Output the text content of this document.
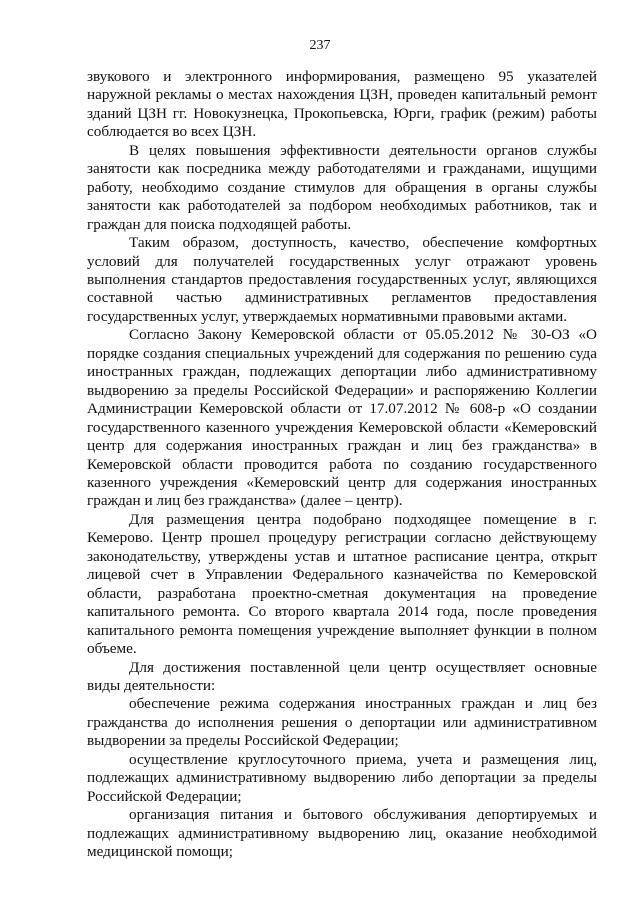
237

звукового и электронного информирования, размещено 95 указателей наружной рекламы о местах нахождения ЦЗН, проведен капитальный ремонт зданий ЦЗН гг. Новокузнецка, Прокопьевска, Юрги, график (режим) работы соблюдается во всех ЦЗН.

В целях повышения эффективности деятельности органов службы занятости как посредника между работодателями и гражданами, ищущими работу, необходимо создание стимулов для обращения в органы службы занятости как работодателей за подбором необходимых работников, так и граждан для поиска подходящей работы.

Таким образом, доступность, качество, обеспечение комфортных условий для получателей государственных услуг отражают уровень выполнения стандартов предоставления государственных услуг, являющихся составной частью административных регламентов предоставления государственных услуг, утверждаемых нормативными правовыми актами.

Согласно Закону Кемеровской области от 05.05.2012 № 30-ОЗ «О порядке создания специальных учреждений для содержания по решению суда иностранных граждан, подлежащих депортации либо административному выдворению за пределы Российской Федерации» и распоряжению Коллегии Администрации Кемеровской области от 17.07.2012 № 608-р «О создании государственного казенного учреждения Кемеровской области «Кемеровский центр для содержания иностранных граждан и лиц без гражданства» в Кемеровской области проводится работа по созданию государственного казенного учреждения «Кемеровский центр для содержания иностранных граждан и лиц без гражданства» (далее – центр).

Для размещения центра подобрано подходящее помещение в г. Кемерово. Центр прошел процедуру регистрации согласно действующему законодательству, утверждены устав и штатное расписание центра, открыт лицевой счет в Управлении Федерального казначейства по Кемеровской области, разработана проектно-сметная документация на проведение капитального ремонта. Со второго квартала 2014 года, после проведения капитального ремонта помещения учреждение выполняет функции в полном объеме.

Для достижения поставленной цели центр осуществляет основные виды деятельности:

обеспечение режима содержания иностранных граждан и лиц без гражданства до исполнения решения о депортации или административном выдворении за пределы Российской Федерации;

осуществление круглосуточного приема, учета и размещения лиц, подлежащих административному выдворению либо депортации за пределы Российской Федерации;

организация питания и бытового обслуживания депортируемых и подлежащих административному выдворению лиц, оказание необходимой медицинской помощи;
